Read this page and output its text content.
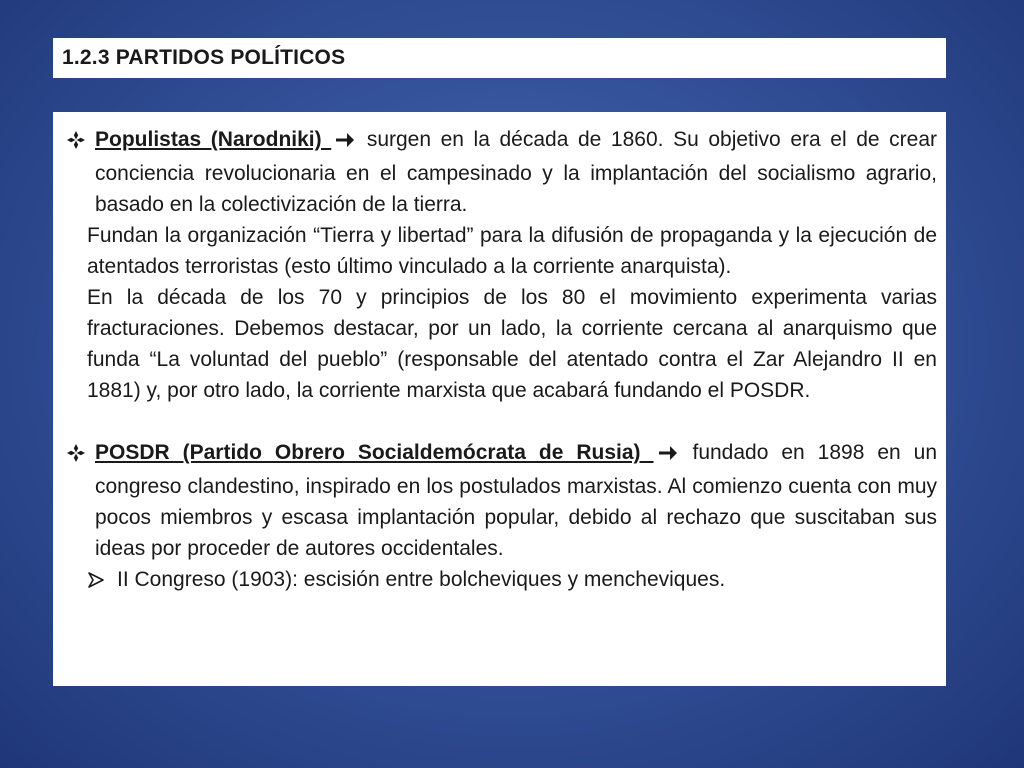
1.2.3 PARTIDOS POLÍTICOS
Populistas (Narodniki)  surgen en la década de 1860. Su objetivo era el de crear conciencia revolucionaria en el campesinado y la implantación del socialismo agrario, basado en la colectivización de la tierra.
Fundan la organización “Tierra y libertad” para la difusión de propaganda y la ejecución de atentados terroristas (esto último vinculado a la corriente anarquista).
En la década de los 70 y principios de los 80 el movimiento experimenta varias fracturaciones. Debemos destacar, por un lado, la corriente cercana al anarquismo que funda “La voluntad del pueblo” (responsable del atentado contra el Zar Alejandro II en 1881) y, por otro lado, la corriente marxista que acabará fundando el POSDR.
POSDR (Partido Obrero Socialdemócrata de Rusia)  fundado en 1898 en un congreso clandestino, inspirado en los postulados marxistas. Al comienzo cuenta con muy pocos miembros y escasa implantación popular, debido al rechazo que suscitaban sus ideas por proceder de autores occidentales.
II Congreso (1903): escisión entre bolcheviques y mencheviques.
